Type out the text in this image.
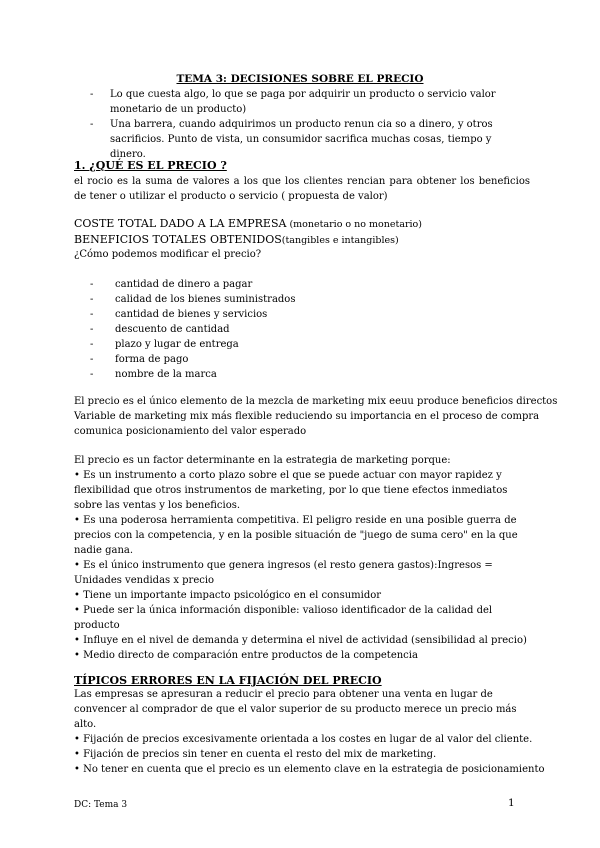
TEMA 3: DECISIONES SOBRE EL PRECIO
- Lo que cuesta algo, lo que se paga por adquirir un producto o servicio valor monetario de un producto)
- Una barrera, cuando adquirimos un producto renun cia so a dinero, y otros sacrificios. Punto de vista, un consumidor sacrifica muchas cosas, tiempo y dinero.
1. ¿QUÉ ES EL PRECIO ?

el rocio es la suma de valores a los que los clientes rencian para obtener los beneficios de tener o utilizar el producto o servicio ( propuesta de valor)

COSTE TOTAL DADO A LA EMPRESA (monetario o no monetario)
BENEFICIOS TOTALES OBTENIDOS(tangibles e intangibles)
¿Cómo podemos modificar el precio?
- cantidad de dinero a pagar
- calidad de los bienes suministrados
- cantidad de bienes y servicios
- descuento de cantidad
- plazo y lugar de entrega
- forma de pago
- nombre de la marca
El precio es el único elemento de la mezcla de marketing mix eeuu produce beneficios directos
Variable de marketing mix más flexible reduciendo su importancia en el proceso de compra
comunica posicionamiento del valor esperado
El precio es un factor determinante en la estrategia de marketing porque:
• Es un instrumento a corto plazo sobre el que se puede actuar con mayor rapidez y
flexibilidad que otros instrumentos de marketing, por lo que tiene efectos inmediatos
sobre las ventas y los beneficios.
• Es una poderosa herramienta competitiva. El peligro reside en una posible guerra de
precios con la competencia, y en la posible situación de "juego de suma cero" en la que
nadie gana.
• Es el único instrumento que genera ingresos (el resto genera gastos):Ingresos =
Unidades vendidas x precio
• Tiene un importante impacto psicológico en el consumidor
• Puede ser la única información disponible: valioso identificador de la calidad del
producto
• Influye en el nivel de demanda y determina el nivel de actividad (sensibilidad al precio)
• Medio directo de comparación entre productos de la competencia
TÍPICOS ERRORES EN LA FIJACIÓN DEL PRECIO
Las empresas se apresuran a reducir el precio para obtener una venta en lugar de
convencer al comprador de que el valor superior de su producto merece un precio más
alto.
• Fijación de precios excesivamente orientada a los costes en lugar de al valor del cliente.
• Fijación de precios sin tener en cuenta el resto del mix de marketing.
• No tener en cuenta que el precio es un elemento clave en la estrategia de posicionamiento
DC: Tema 3	1
